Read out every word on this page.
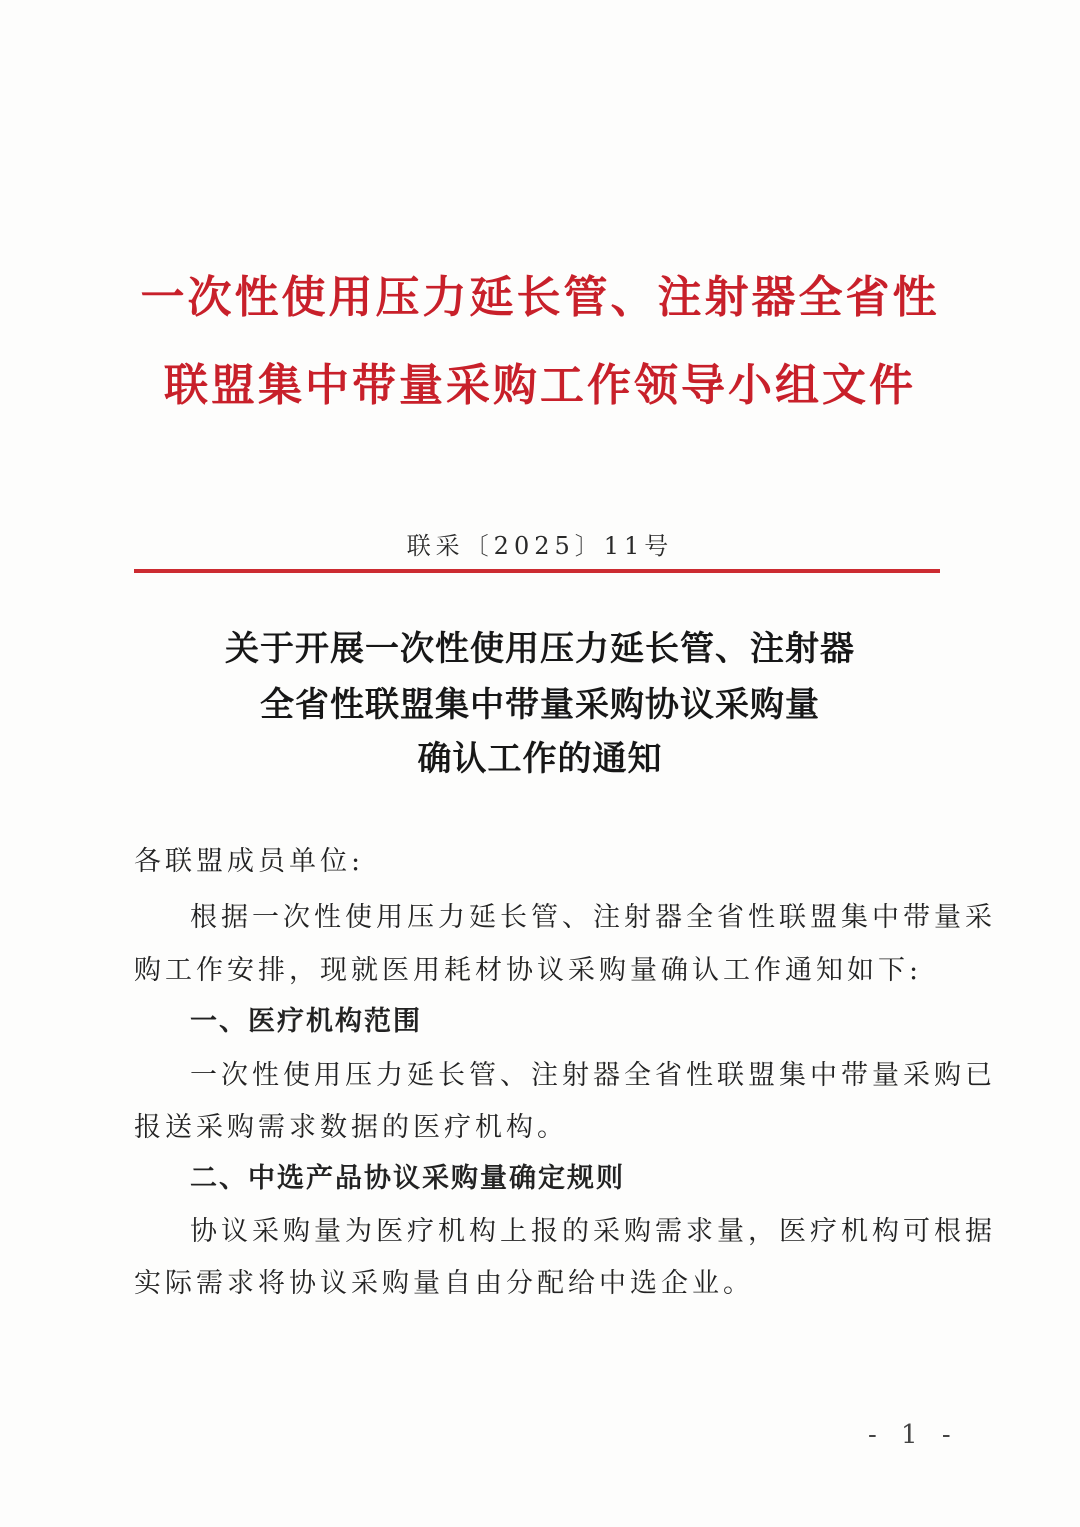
一次性使用压力延长管、注射器全省性
联盟集中带量采购工作领导小组文件
联采〔2025〕11号
关于开展一次性使用压力延长管、注射器
全省性联盟集中带量采购协议采购量
确认工作的通知
各联盟成员单位:
根据一次性使用压力延长管、注射器全省性联盟集中带量采
购工作安排，现就医用耗材协议采购量确认工作通知如下:
一、医疗机构范围
一次性使用压力延长管、注射器全省性联盟集中带量采购已
报送采购需求数据的医疗机构。
二、中选产品协议采购量确定规则
协议采购量为医疗机构上报的采购需求量，医疗机构可根据
实际需求将协议采购量自由分配给中选企业。
- 1 -
